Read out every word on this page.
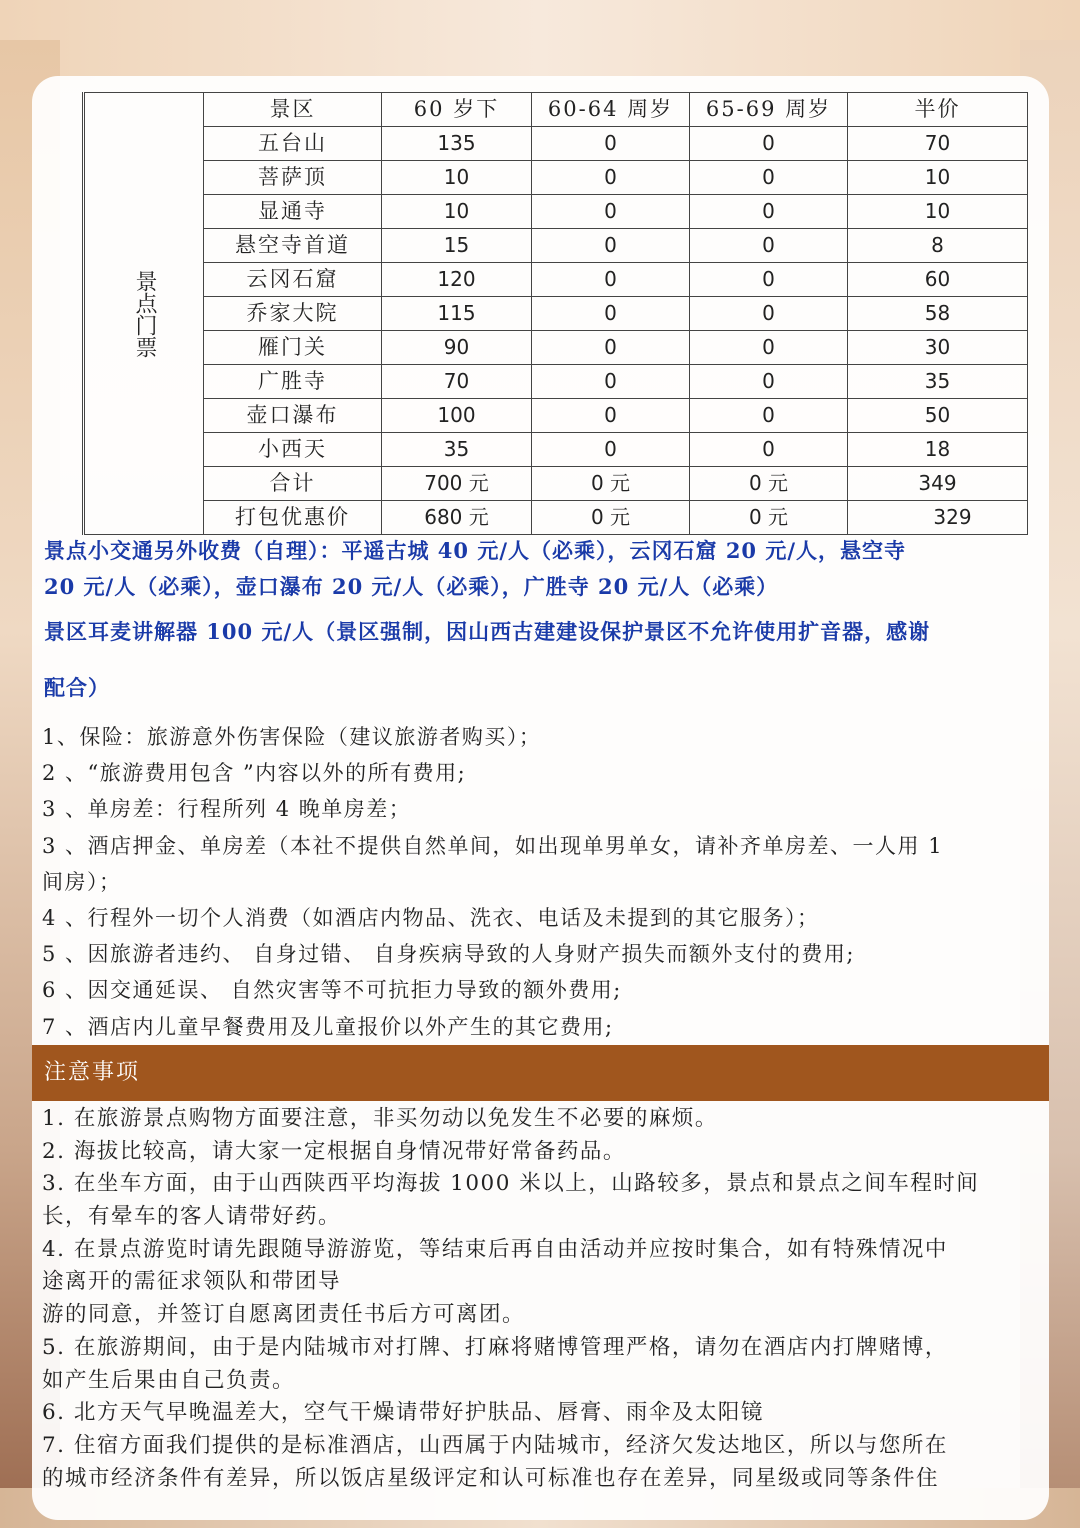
景点门票	景区	60 岁下	60-64 周岁	65-69 周岁	半价
	五台山	135	0	0	70
	菩萨顶	10	0	0	10
	显通寺	10	0	0	10
	悬空寺首道	15	0	0	8
	云冈石窟	120	0	0	60
	乔家大院	115	0	0	58
	雁门关	90	0	0	30
	广胜寺	70	0	0	35
	壶口瀑布	100	0	0	50
	小西天	35	0	0	18
	合计	700 元	0 元	0 元	349
	打包优惠价	680 元	0 元	0 元	329
景点小交通另外收费（自理）：平遥古城 40 元/人（必乘），云冈石窟 20 元/人，悬空寺
20 元/人（必乘），壶口瀑布 20 元/人（必乘），广胜寺 20 元/人（必乘）
景区耳麦讲解器 100 元/人（景区强制，因山西古建建设保护景区不允许使用扩音器，感谢
配合）
1、保险：旅游意外伤害保险（建议旅游者购买）；
2 、“旅游费用包含 ”内容以外的所有费用;
3 、单房差：行程所列 4 晚单房差；
3 、酒店押金、单房差（本社不提供自然单间，如出现单男单女，请补齐单房差、一人用 1
间房）；
4 、行程外一切个人消费（如酒店内物品、洗衣、电话及未提到的其它服务）；
5 、因旅游者违约、 自身过错、 自身疾病导致的人身财产损失而额外支付的费用;
6 、因交通延误、 自然灾害等不可抗拒力导致的额外费用;
7 、酒店内儿童早餐费用及儿童报价以外产生的其它费用;
注意事项
1. 在旅游景点购物方面要注意，非买勿动以免发生不必要的麻烦。
2. 海拔比较高，请大家一定根据自身情况带好常备药品。
3. 在坐车方面，由于山西陕西平均海拔 1000 米以上，山路较多，景点和景点之间车程时间
长，有晕车的客人请带好药。
4. 在景点游览时请先跟随导游游览，等结束后再自由活动并应按时集合，如有特殊情况中
途离开的需征求领队和带团导
游的同意，并签订自愿离团责任书后方可离团。
5. 在旅游期间，由于是内陆城市对打牌、打麻将赌博管理严格，请勿在酒店内打牌赌博，
如产生后果由自己负责。
6. 北方天气早晚温差大，空气干燥请带好护肤品、唇膏、雨伞及太阳镜
7. 住宿方面我们提供的是标准酒店，山西属于内陆城市，经济欠发达地区，所以与您所在
的城市经济条件有差异，所以饭店星级评定和认可标准也存在差异，同星级或同等条件住
